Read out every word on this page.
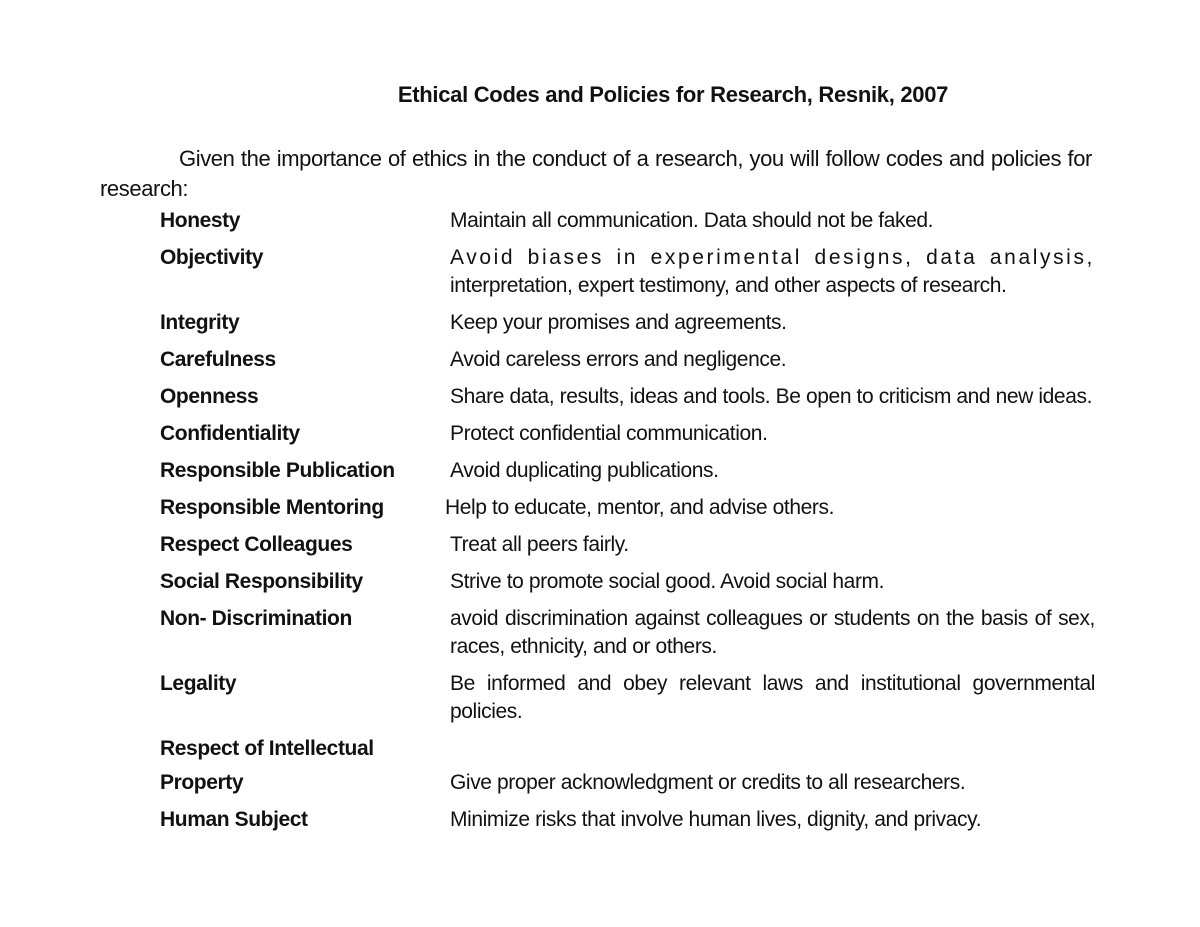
Ethical Codes and Policies for Research, Resnik, 2007
Given the importance of ethics in the conduct of a research, you will follow codes and policies for research:
Honesty	Maintain all communication. Data should not be faked.
Objectivity	Avoid biases in experimental designs, data analysis, interpretation, expert testimony, and other aspects of research.
Integrity	Keep your promises and agreements.
Carefulness	Avoid careless errors and negligence.
Openness	Share data, results, ideas and tools. Be open to criticism and new ideas.
Confidentiality	Protect confidential communication.
Responsible Publication	Avoid duplicating publications.
Responsible Mentoring	Help to educate, mentor, and advise others.
Respect Colleagues	Treat all peers fairly.
Social Responsibility	Strive to promote social good. Avoid social harm.
Non- Discrimination	avoid discrimination against colleagues or students on the basis of sex, races, ethnicity, and or others.
Legality	Be informed and obey relevant laws and institutional governmental policies.
Respect of Intellectual
Property	Give proper acknowledgment or credits to all researchers.
Human Subject	Minimize risks that involve human lives, dignity, and privacy.
